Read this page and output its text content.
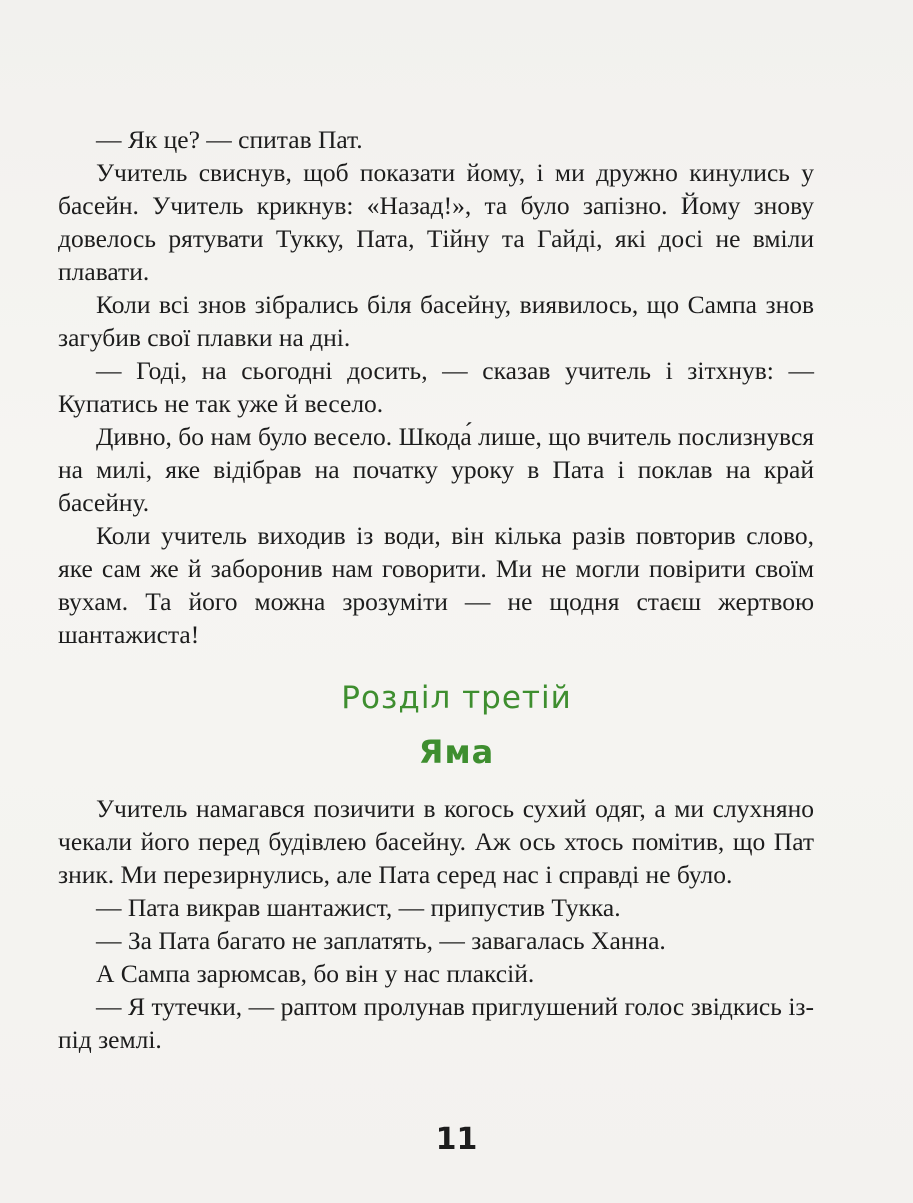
— Як це? — спитав Пат.

Учитель свиснув, щоб показати йому, і ми дружно кинулись у басейн. Учитель крикнув: «Назад!», та було запізно. Йому знову довелось рятувати Тукку, Пата, Тійну та Гайді, які досі не вміли плавати.

Коли всі знов зібрались біля басейну, виявилось, що Сампа знов загубив свої плавки на дні.

— Годі, на сьогодні досить, — сказав учитель і зітхнув: — Купатись не так уже й весело.

Дивно, бо нам було весело. Шкода́ лише, що вчитель послизнувся на милі, яке відібрав на початку уроку в Пата і поклав на край басейну.

Коли учитель виходив із води, він кілька разів повторив слово, яке сам же й заборонив нам говорити. Ми не могли повірити своїм вухам. Та його можна зрозуміти — не щодня стаєш жертвою шантажиста!

Розділ третій
Яма

Учитель намагався позичити в когось сухий одяг, а ми слухняно чекали його перед будівлею басейну. Аж ось хтось помітив, що Пат зник. Ми перезирнулись, але Пата серед нас і справді не було.

— Пата викрав шантажист, — припустив Тукка.

— За Пата багато не заплатять, — завагалась Ханна.

А Сампа зарюмсав, бо він у нас плаксій.

— Я тутечки, — раптом пролунав приглушений голос звідкись із-під землі.

11
